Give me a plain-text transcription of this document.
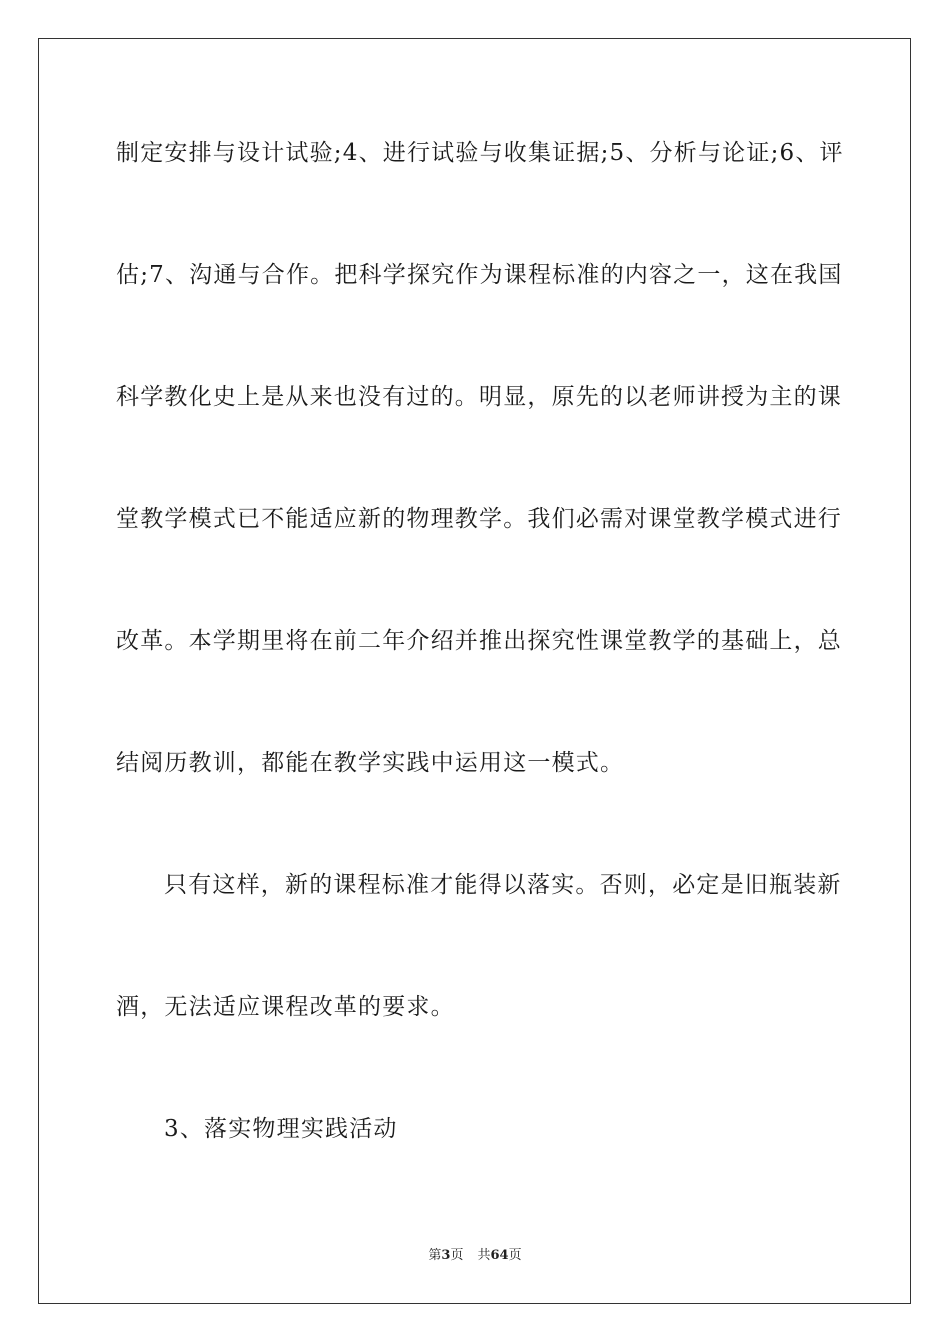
制定安排与设计试验;4、进行试验与收集证据;5、分析与论证;6、评
估;7、沟通与合作。把科学探究作为课程标准的内容之一，这在我国
科学教化史上是从来也没有过的。明显，原先的以老师讲授为主的课
堂教学模式已不能适应新的物理教学。我们必需对课堂教学模式进行
改革。本学期里将在前二年介绍并推出探究性课堂教学的基础上，总
结阅历教训，都能在教学实践中运用这一模式。
只有这样，新的课程标准才能得以落实。否则，必定是旧瓶装新
酒，无法适应课程改革的要求。
3、落实物理实践活动
第3页 共64页
